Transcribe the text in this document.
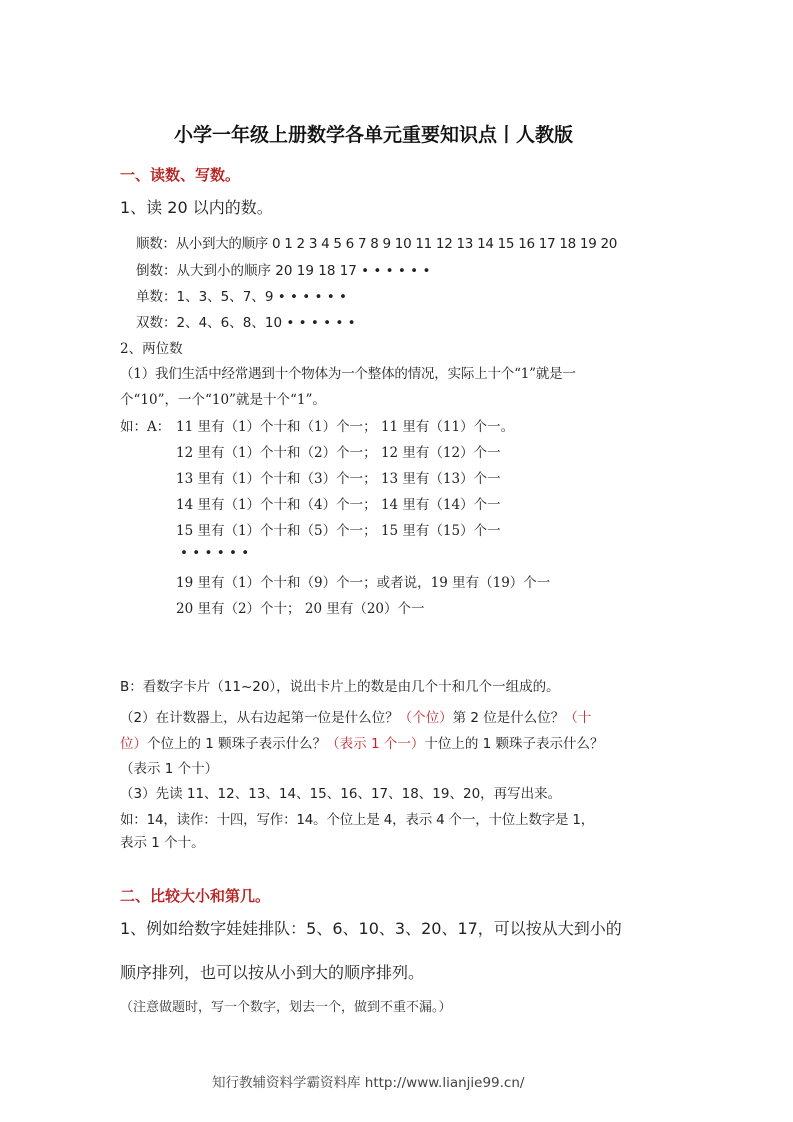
小学一年级上册数学各单元重要知识点丨人教版
一、读数、写数。
1、读 20 以内的数。
顺数：从小到大的顺序 0 1 2 3 4 5 6 7 8 9 10 11 12 13 14 15 16 17 18 19 20
倒数：从大到小的顺序 20 19 18 17 • • • • • •
单数：1、3、5、7、9 • • • • • •
双数：2、4、6、8、10 • • • • • •
2、两位数
（1）我们生活中经常遇到十个物体为一个整体的情况，实际上十个“1”就是一
个“10”，一个“10”就是十个“1”。
如：A： 11 里有（1）个十和（1）个一； 11 里有（11）个一。
12 里有（1）个十和（2）个一； 12 里有（12）个一
13 里有（1）个十和（3）个一； 13 里有（13）个一
14 里有（1）个十和（4）个一； 14 里有（14）个一
15 里有（1）个十和（5）个一； 15 里有（15）个一
• • • • • •
19 里有（1）个十和（9）个一；或者说，19 里有（19）个一
20 里有（2）个十； 20 里有（20）个一
B：看数字卡片（11~20），说出卡片上的数是由几个十和几个一组成的。
（2）在计数器上，从右边起第一位是什么位？（个位）第 2 位是什么位？（十
位）个位上的 1 颗珠子表示什么？（表示 1 个一）十位上的 1 颗珠子表示什么？
（表示 1 个十）
（3）先读 11、12、13、14、15、16、17、18、19、20，再写出来。
如：14，读作：十四，写作：14。个位上是 4，表示 4 个一，十位上数字是 1，
表示 1 个十。
二、比较大小和第几。
1、例如给数字娃娃排队：5、6、10、3、20、17，可以按从大到小的
顺序排列，也可以按从小到大的顺序排列。
（注意做题时，写一个数字，划去一个，做到不重不漏。）
知行教辅资料学霸资料库 http://www.lianjie99.cn/
